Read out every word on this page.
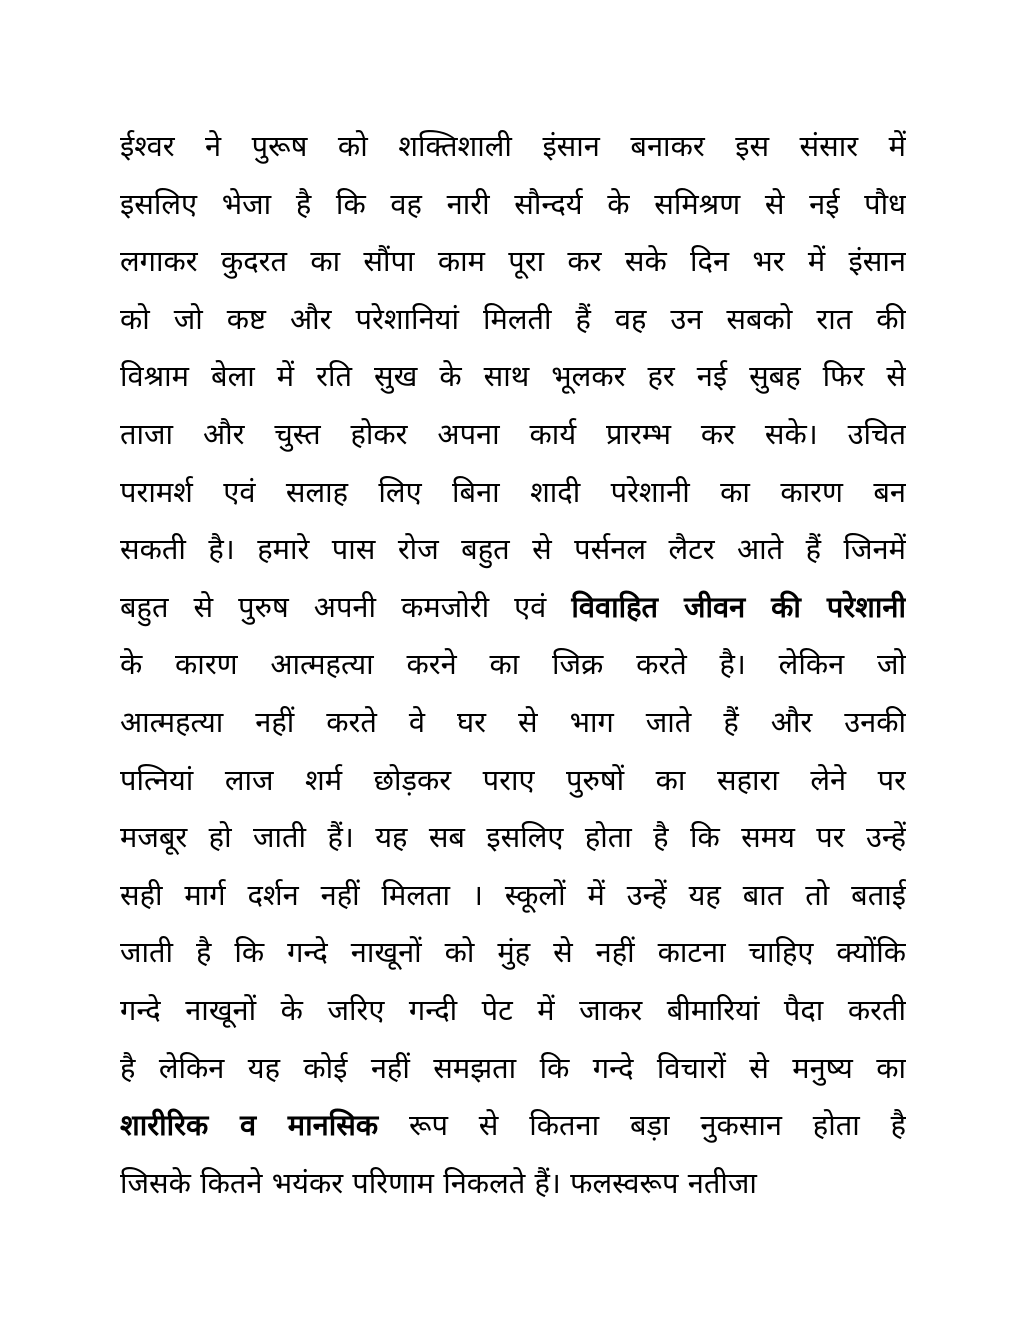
ईश्वर ने पुरूष को शक्तिशाली इंसान बनाकर इस संसार में
इसलिए भेजा है कि वह नारी सौन्दर्य के समिश्रण से नई पौध
लगाकर कुदरत का सौंपा काम पूरा कर सके दिन भर में इंसान
को जो कष्ट और परेशानियां मिलती हैं वह उन सबको रात की
विश्राम बेला में रति सुख के साथ भूलकर हर नई सुबह फिर से
ताजा और चुस्त होकर अपना कार्य प्रारम्भ कर सके। उचित
परामर्श एवं सलाह लिए बिना शादी परेशानी का कारण बन
सकती है। हमारे पास रोज बहुत से पर्सनल लैटर आते हैं जिनमें
बहुत से पुरुष अपनी कमजोरी एवं विवाहित जीवन की परेशानी
के कारण आत्महत्या करने का जिक्र करते है। लेकिन जो
आत्महत्या नहीं करते वे घर से भाग जाते हैं और उनकी
पत्नियां लाज शर्म छोड़कर पराए पुरुषों का सहारा लेने पर
मजबूर हो जाती हैं। यह सब इसलिए होता है कि समय पर उन्हें
सही मार्ग दर्शन नहीं मिलता । स्कूलों में उन्हें यह बात तो बताई
जाती है कि गन्दे नाखूनों को मुंह से नहीं काटना चाहिए क्योंकि
गन्दे नाखूनों के जरिए गन्दी पेट में जाकर बीमारियां पैदा करती
है लेकिन यह कोई नहीं समझता कि गन्दे विचारों से मनुष्य का
शारीरिक व मानसिक रूप से कितना बड़ा नुकसान होता है
जिसके कितने भयंकर परिणाम निकलते हैं। फलस्वरूप नतीजा
